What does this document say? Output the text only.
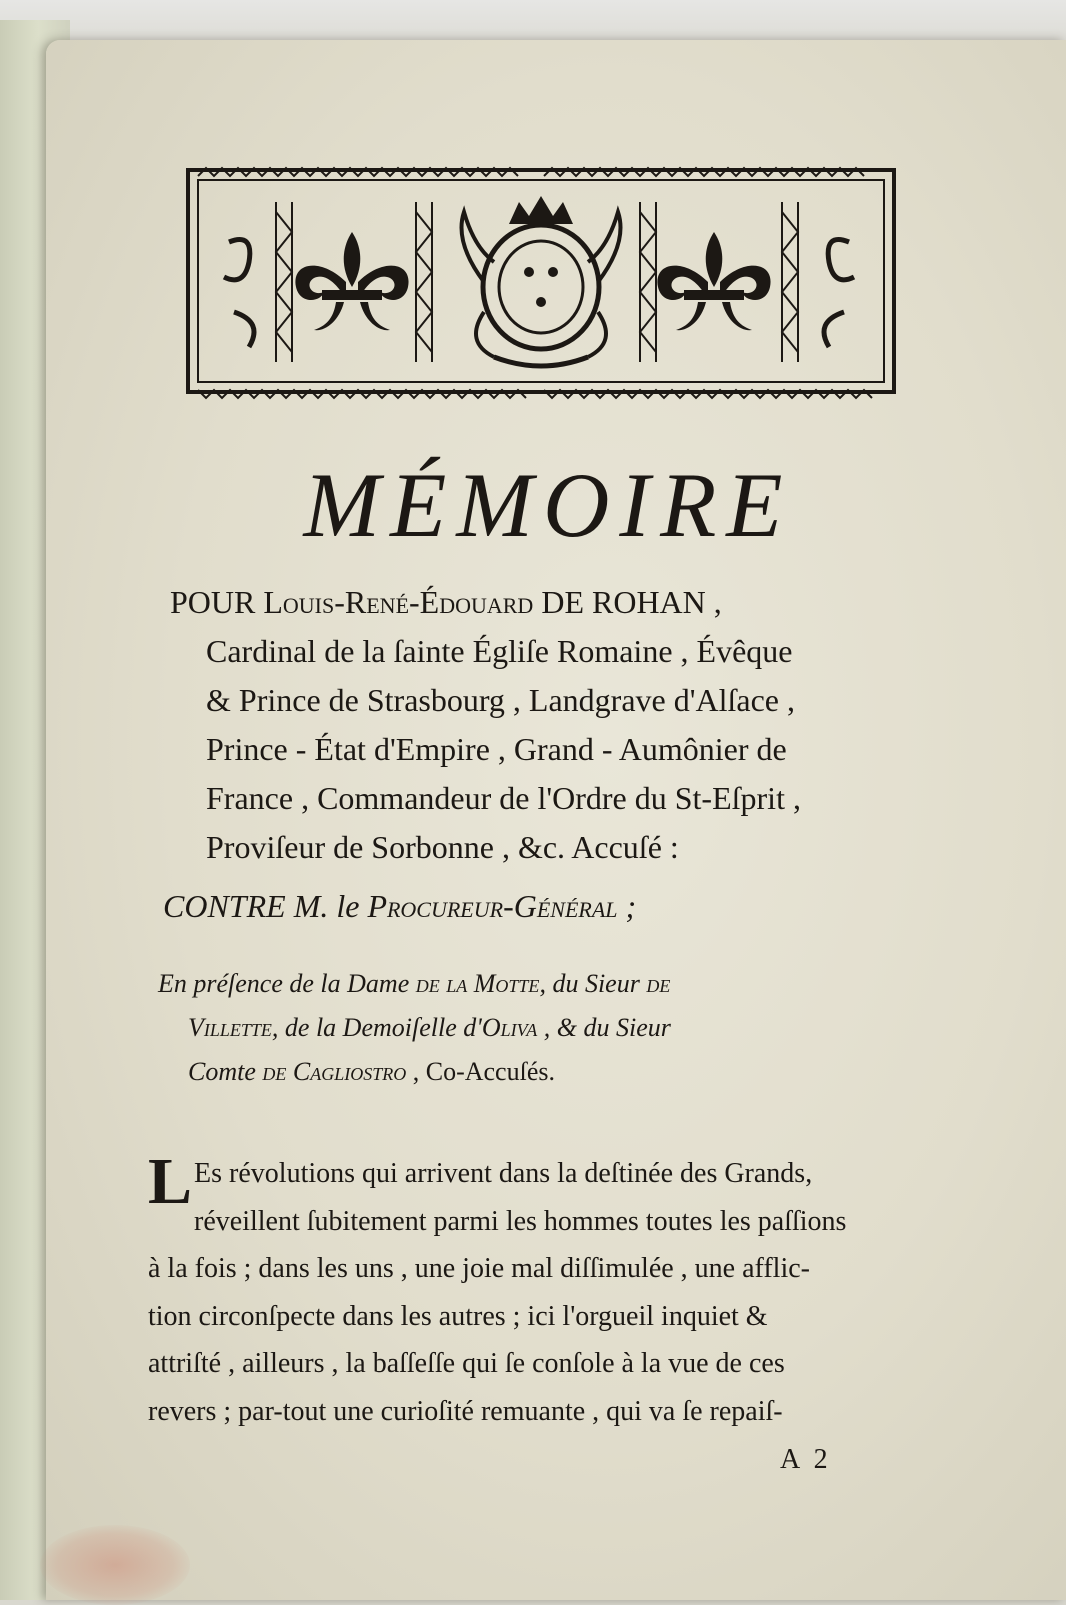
MÉMOIRE
POUR Louis-René-Édouard DE ROHAN ,
Cardinal de la ſainte Égliſe Romaine , Évêque
& Prince de Strasbourg , Landgrave d'Alſace ,
Prince - État d'Empire , Grand - Aumônier de
France , Commandeur de l'Ordre du St-Eſprit ,
Proviſeur de Sorbonne , &c. Accuſé :
CONTRE M. le Procureur-Général ;
En préſence de la Dame de la Motte, du Sieur de
Villette, de la Demoiſelle d'Oliva , & du Sieur
Comte de Cagliostro , Co-Accuſés.
L Es révolutions qui arrivent dans la deſtinée des Grands,
réveillent ſubitement parmi les hommes toutes les paſſions
à la fois ; dans les uns , une joie mal diſſimulée , une afflic-
tion circonſpecte dans les autres ; ici l'orgueil inquiet &
attriſté , ailleurs , la baſſeſſe qui ſe conſole à la vue de ces
revers ; par-tout une curioſité remuante , qui va ſe repaiſ-
A 2
